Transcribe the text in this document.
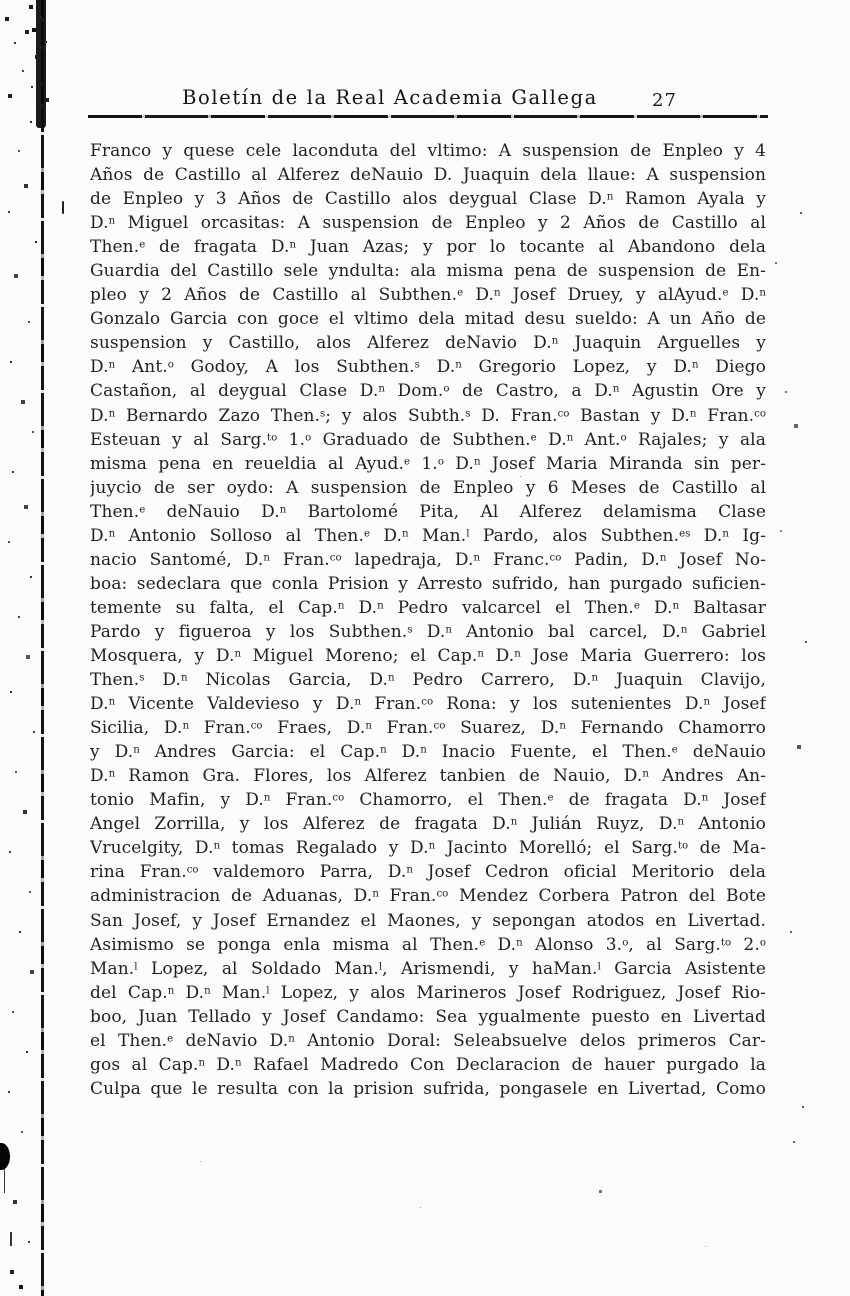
Boletín de la Real Academia Gallega	27
Franco y quese cele laconduta del vltimo: A suspension de Enpleo y 4
Años de Castillo al Alferez deNauio D. Juaquin dela llaue: A suspension
de Enpleo y 3 Años de Castillo alos deygual Clase D.$^n$ Ramon Ayala y
D.$^n$ Miguel orcasitas: A suspension de Enpleo y 2 Años de Castillo al
Then.$^e$ de fragata D.$^n$ Juan Azas; y por lo tocante al Abandono dela
Guardia del Castillo sele yndulta: ala misma pena de suspension de En-
pleo y 2 Años de Castillo al Subthen.$^e$ D.$^n$ Josef Druey, y alAyud.$^e$ D.$^n$
Gonzalo Garcia con goce el vltimo dela mitad desu sueldo: A un Año de
suspension y Castillo, alos Alferez deNavio D.$^n$ Juaquin Arguelles y
D.$^n$ Ant.$^o$ Godoy, A los Subthen.$^s$ D.$^n$ Gregorio Lopez, y D.$^n$ Diego
Castañon, al deygual Clase D.$^n$ Dom.$^o$ de Castro, a D.$^n$ Agustin Ore y
D.$^n$ Bernardo Zazo Then.$^s$; y alos Subth.$^s$ D. Fran.$^{co}$ Bastan y D.$^n$ Fran.$^{co}$
Esteuan y al Sarg.$^{to}$ 1.$^o$ Graduado de Subthen.$^e$ D.$^n$ Ant.$^o$ Rajales; y ala
misma pena en reueldia al Ayud.$^e$ 1.$^o$ D.$^n$ Josef Maria Miranda sin per-
juycio de ser oydo: A suspension de Enpleo y 6 Meses de Castillo al
Then.$^e$ deNauio D.$^n$ Bartolomé Pita, Al Alferez delamisma Clase
D.$^n$ Antonio Solloso al Then.$^e$ D.$^n$ Man.$^l$ Pardo, alos Subthen.$^{es}$ D.$^n$ Ig-
nacio Santomé, D.$^n$ Fran.$^{co}$ lapedraja, D.$^n$ Franc.$^{co}$ Padin, D.$^n$ Josef No-
boa: sedeclara que conla Prision y Arresto sufrido, han purgado suficien-
temente su falta, el Cap.$^n$ D.$^n$ Pedro valcarcel el Then.$^e$ D.$^n$ Baltasar
Pardo y figueroa y los Subthen.$^s$ D.$^n$ Antonio bal carcel, D.$^n$ Gabriel
Mosquera, y D.$^n$ Miguel Moreno; el Cap.$^n$ D.$^n$ Jose Maria Guerrero: los
Then.$^s$ D.$^n$ Nicolas Garcia, D.$^n$ Pedro Carrero, D.$^n$ Juaquin Clavijo,
D.$^n$ Vicente Valdevieso y D.$^n$ Fran.$^{co}$ Rona: y los sutenientes D.$^n$ Josef
Sicilia, D.$^n$ Fran.$^{co}$ Fraes, D.$^n$ Fran.$^{co}$ Suarez, D.$^n$ Fernando Chamorro
y D.$^n$ Andres Garcia: el Cap.$^n$ D.$^n$ Inacio Fuente, el Then.$^e$ deNauio
D.$^n$ Ramon Gra. Flores, los Alferez tanbien de Nauio, D.$^n$ Andres An-
tonio Mafin, y D.$^n$ Fran.$^{co}$ Chamorro, el Then.$^e$ de fragata D.$^n$ Josef
Angel Zorrilla, y los Alferez de fragata D.$^n$ Julián Ruyz, D.$^n$ Antonio
Vrucelgity, D.$^n$ tomas Regalado y D.$^n$ Jacinto Morelló; el Sarg.$^{to}$ de Ma-
rina Fran.$^{co}$ valdemoro Parra, D.$^n$ Josef Cedron oficial Meritorio dela
administracion de Aduanas, D.$^n$ Fran.$^{co}$ Mendez Corbera Patron del Bote
San Josef, y Josef Ernandez el Maones, y sepongan atodos en Livertad.
Asimismo se ponga enla misma al Then.$^e$ D.$^n$ Alonso 3.$^o$, al Sarg.$^{to}$ 2.$^o$
Man.$^l$ Lopez, al Soldado Man.$^l$, Arismendi, y haMan.$^l$ Garcia Asistente
del Cap.$^n$ D.$^n$ Man.$^l$ Lopez, y alos Marineros Josef Rodriguez, Josef Rio-
boo, Juan Tellado y Josef Candamo: Sea ygualmente puesto en Livertad
el Then.$^e$ deNavio D.$^n$ Antonio Doral: Seleabsuelve delos primeros Car-
gos al Cap.$^n$ D.$^n$ Rafael Madredo Con Declaracion de hauer purgado la
Culpa que le resulta con la prision sufrida, pongasele en Livertad, Como
